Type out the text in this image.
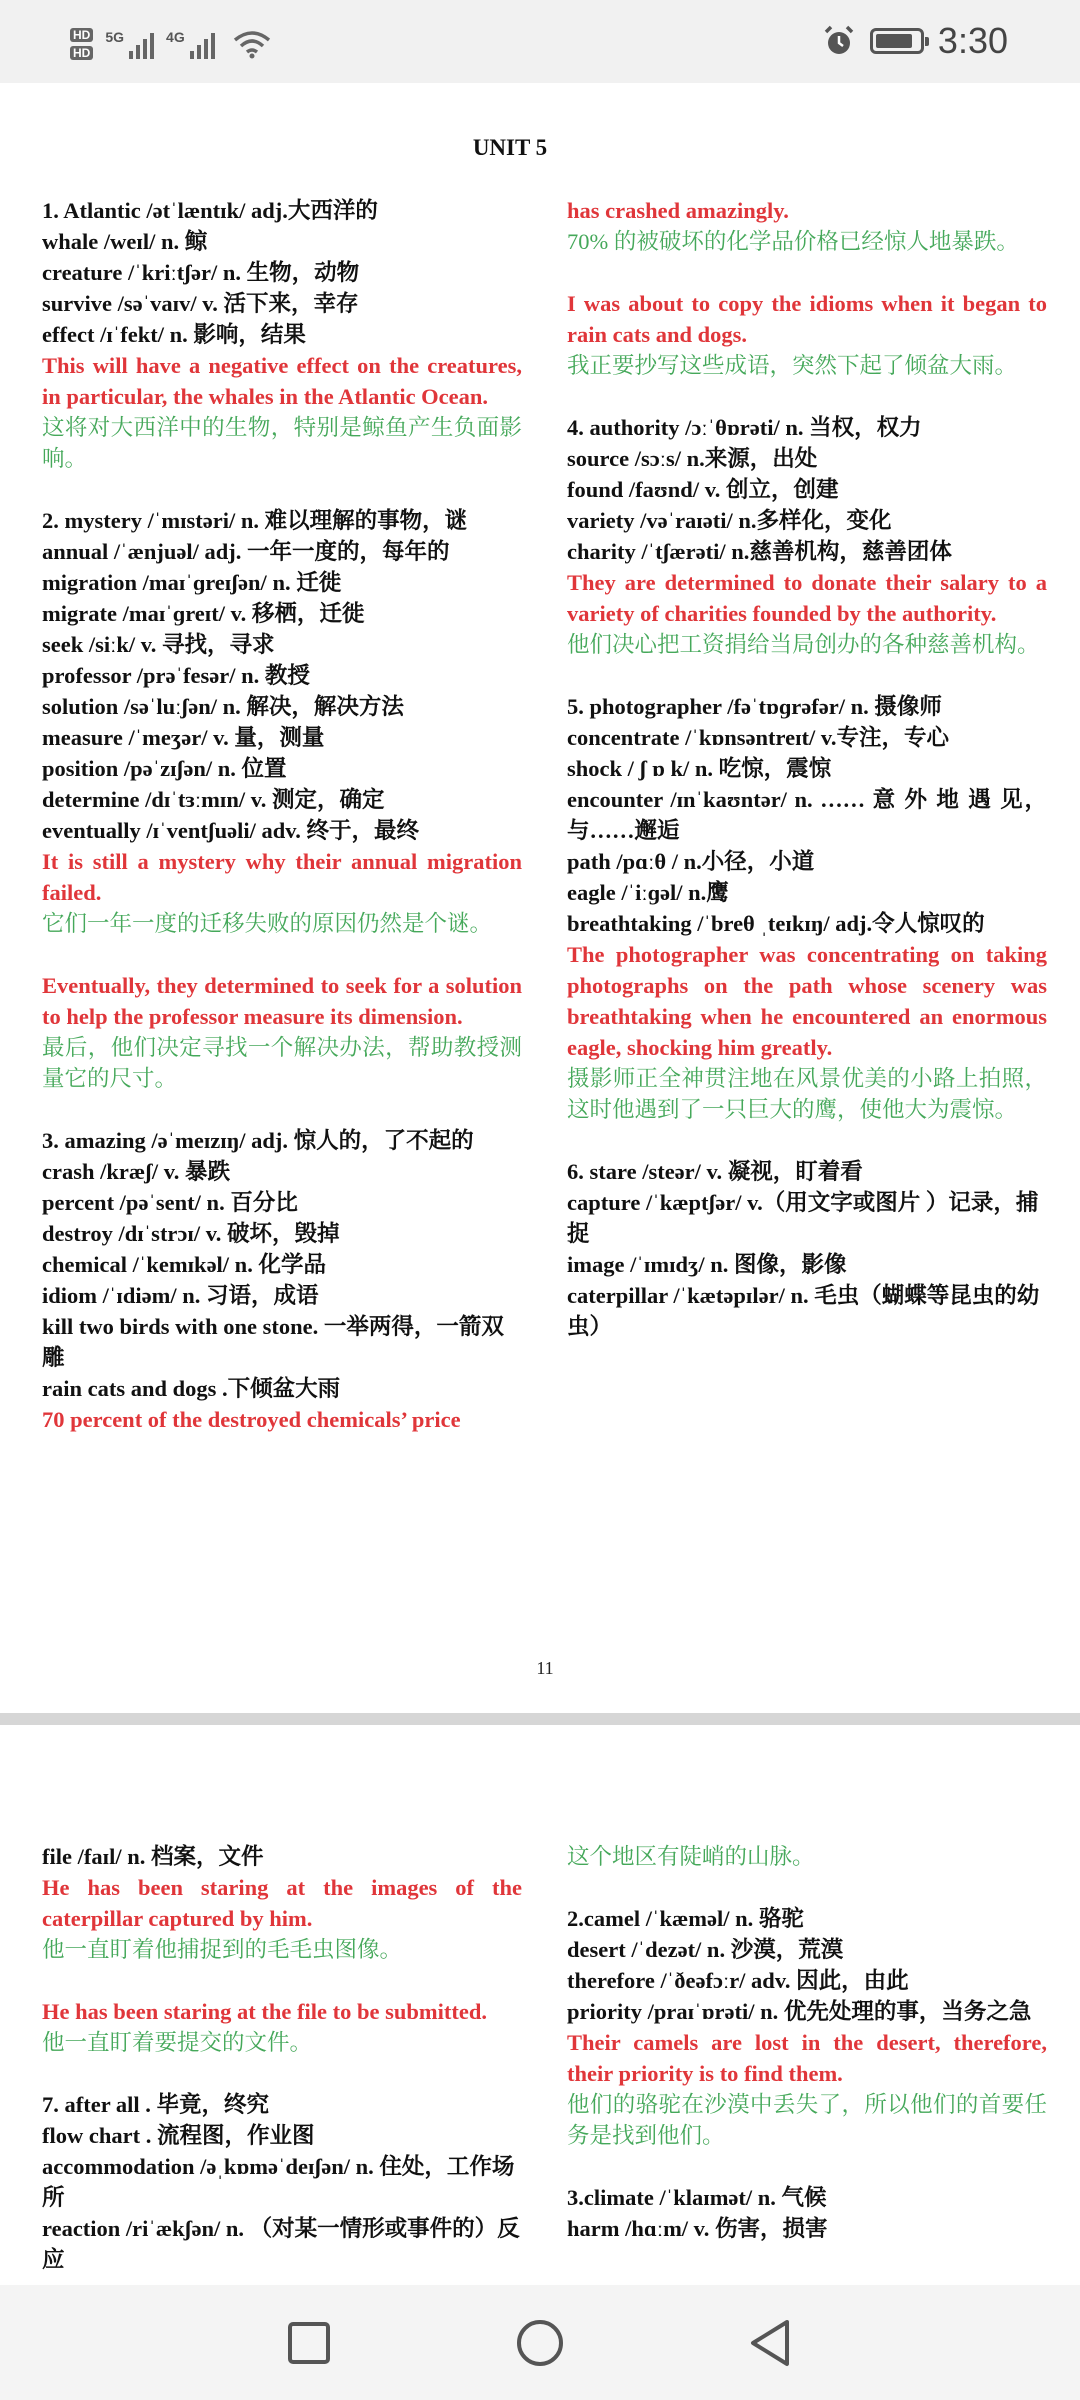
HD
HD
5G	4G	3:30
UNIT 5
1. Atlantic /ətˈlæntɪk/ adj.大西洋的
whale /weɪl/ n. 鲸
creature /ˈkriːtʃər/ n. 生物，动物
survive /səˈvaɪv/ v. 活下来，幸存
effect /ɪˈfekt/ n. 影响，结果
This will have a negative effect on the creatures, in particular, the whales in the Atlantic Ocean.
这将对大西洋中的生物，特别是鲸鱼产生负面影响。
2. mystery /ˈmɪstəri/ n. 难以理解的事物，谜
annual /ˈænjuəl/ adj. 一年一度的，每年的
migration /maɪˈɡreɪʃən/ n. 迁徙
migrate /maɪˈɡreɪt/ v. 移栖，迁徙
seek /siːk/ v. 寻找，寻求
professor /prəˈfesər/ n. 教授
solution /səˈluːʃən/ n. 解决，解决方法
measure /ˈmeʒər/ v. 量，测量
position /pəˈzɪʃən/ n. 位置
determine /dɪˈtɜːmɪn/ v. 测定，确定
eventually /ɪˈventʃuəli/ adv. 终于，最终
It is still a mystery why their annual migration failed.
它们一年一度的迁移失败的原因仍然是个谜。
Eventually, they determined to seek for a solution to help the professor measure its dimension.
最后，他们决定寻找一个解决办法，帮助教授测量它的尺寸。
3. amazing /əˈmeɪzɪŋ/ adj. 惊人的，了不起的
crash /kræʃ/ v. 暴跌
percent /pəˈsent/ n. 百分比
destroy /dɪˈstrɔɪ/ v. 破坏，毁掉
chemical /ˈkemɪkəl/ n. 化学品
idiom /ˈɪdiəm/ n. 习语，成语
kill two birds with one stone. 一举两得，一箭双雕
rain cats and dogs .下倾盆大雨
70 percent of the destroyed chemicals’ price
has crashed amazingly.
70% 的被破坏的化学品价格已经惊人地暴跌。
I was about to copy the idioms when it began to rain cats and dogs.
我正要抄写这些成语，突然下起了倾盆大雨。
4. authority /ɔːˈθɒrəti/ n. 当权，权力
source /sɔːs/ n.来源，出处
found /faʊnd/ v. 创立，创建
variety /vəˈraɪəti/ n.多样化，变化
charity /ˈtʃærəti/ n.慈善机构，慈善团体
They are determined to donate their salary to a variety of charities founded by the authority.
他们决心把工资捐给当局创办的各种慈善机构。
5. photographer /fəˈtɒɡrəfər/ n. 摄像师
concentrate /ˈkɒnsəntreɪt/ v.专注，专心
shock / ʃ ɒ k/ n. 吃惊，震惊
encounter /ɪnˈkaʊntər/ n. …… 意 外 地 遇 见，与……邂逅
path /pɑːθ / n.小径，小道
eagle /ˈiːɡəl/ n.鹰
breathtaking /ˈbreθ ˌteɪkɪŋ/ adj.令人惊叹的
The photographer was concentrating on taking photographs on the path whose scenery was breathtaking when he encountered an enormous eagle, shocking him greatly.
摄影师正全神贯注地在风景优美的小路上拍照，这时他遇到了一只巨大的鹰，使他大为震惊。
6. stare /steər/ v. 凝视，盯着看
capture /ˈkæptʃər/ v.（用文字或图片 ）记录，捕捉
image /ˈɪmɪdʒ/ n. 图像，影像
caterpillar /ˈkætəpɪlər/ n. 毛虫（蝴蝶等昆虫的幼虫）
11
file /faɪl/ n. 档案，文件
He has been staring at the images of the caterpillar captured by him.
他一直盯着他捕捉到的毛毛虫图像。
He has been staring at the file to be submitted.
他一直盯着要提交的文件。
7. after all . 毕竟，终究
flow chart . 流程图，作业图
accommodation /əˌkɒməˈdeɪʃən/ n. 住处，工作场所
reaction /riˈækʃən/ n. （对某一情形或事件的）反应
这个地区有陡峭的山脉。
2.camel /ˈkæməl/ n. 骆驼
desert /ˈdezət/ n. 沙漠，荒漠
therefore /ˈðeəfɔːr/ adv. 因此，由此
priority /praɪˈɒrəti/ n. 优先处理的事，当务之急
Their camels are lost in the desert, therefore, their priority is to find them.
他们的骆驼在沙漠中丢失了，所以他们的首要任务是找到他们。
3.climate /ˈklaɪmət/ n. 气候
harm /hɑːm/ v. 伤害，损害
